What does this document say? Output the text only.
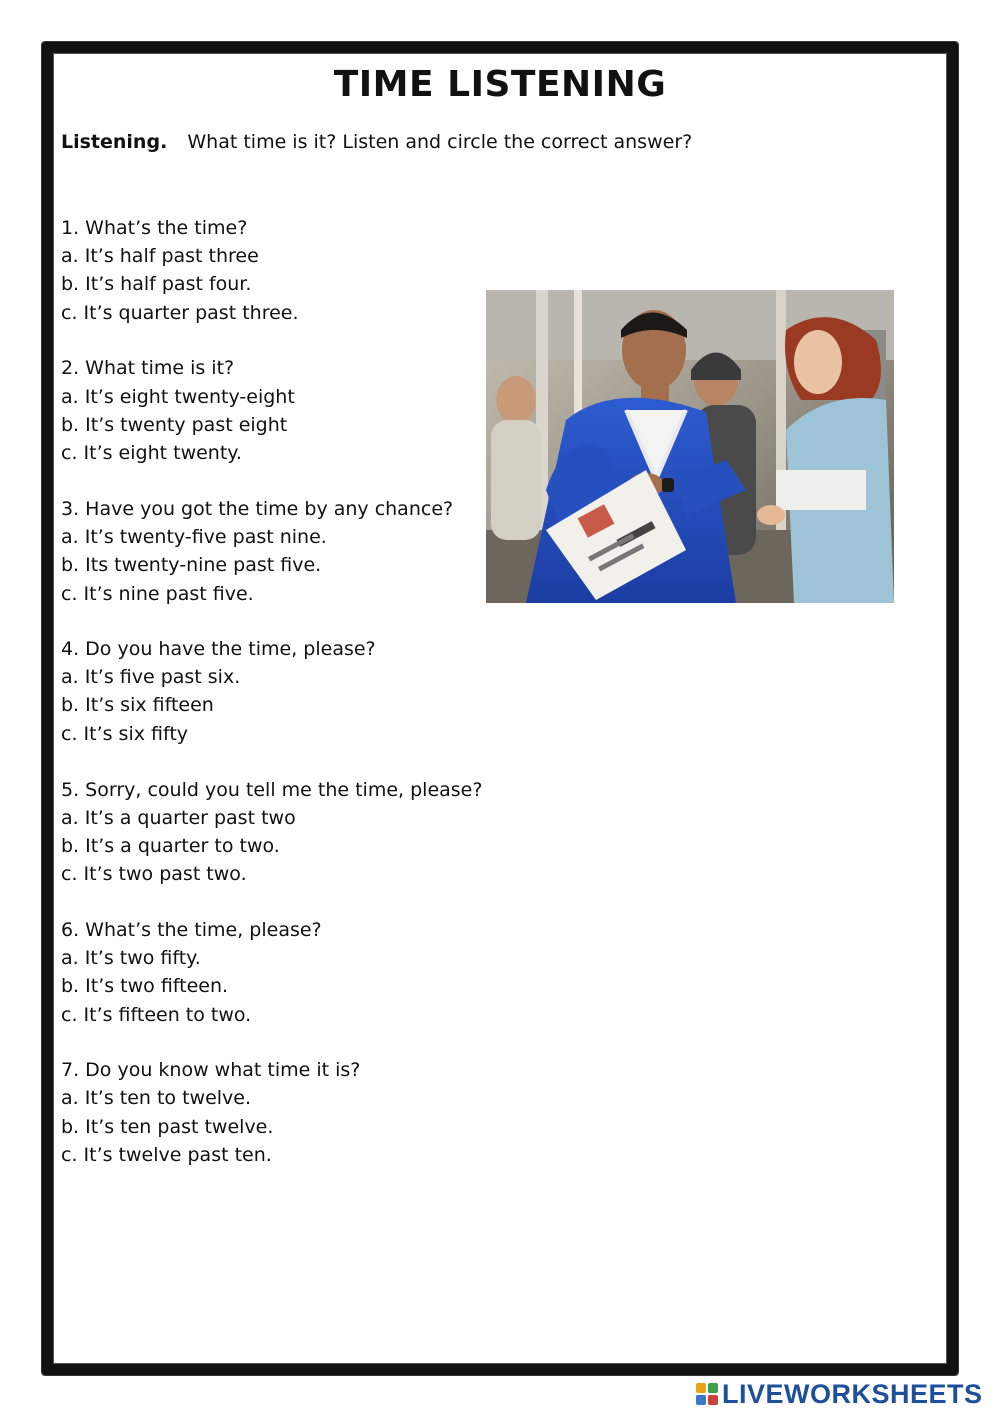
TIME LISTENING
Listening. What time is it? Listen and circle the correct answer?
1. What’s the time?
a. It’s half past three
b. It’s half past four.
c. It’s quarter past three.
2. What time is it?
a. It’s eight twenty-eight
b. It’s twenty past eight
c. It’s eight twenty.
3. Have you got the time by any chance?
a. It’s twenty-five past nine.
b. Its twenty-nine past five.
c. It’s nine past five.
4. Do you have the time, please?
a. It’s five past six.
b. It’s six fifteen
c. It’s six fifty
5. Sorry, could you tell me the time, please?
a. It’s a quarter past two
b. It’s a quarter to two.
c. It’s two past two.
6. What’s the time, please?
a. It’s two fifty.
b. It’s two fifteen.
c. It’s fifteen to two.
7. Do you know what time it is?
a. It’s ten to twelve.
b. It’s ten past twelve.
c. It’s twelve past ten.
LIVEWORKSHEETS
